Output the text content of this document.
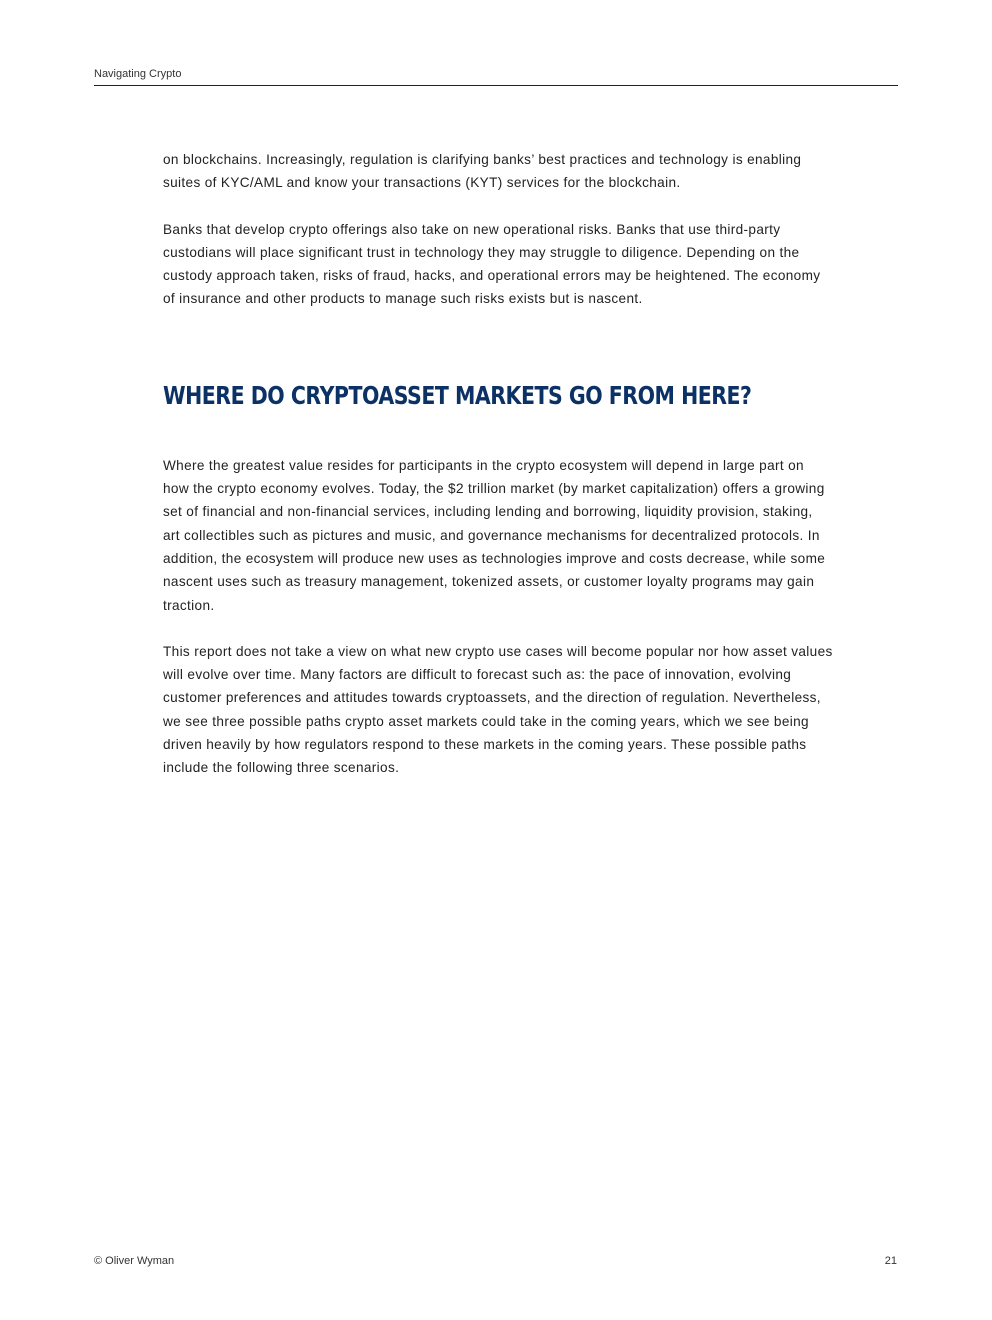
Navigating Crypto

on blockchains. Increasingly, regulation is clarifying banks’ best practices and technology is enabling suites of KYC/AML and know your transactions (KYT) services for the blockchain.

Banks that develop crypto offerings also take on new operational risks. Banks that use third-party custodians will place significant trust in technology they may struggle to diligence. Depending on the custody approach taken, risks of fraud, hacks, and operational errors may be heightened. The economy of insurance and other products to manage such risks exists but is nascent.

WHERE DO CRYPTOASSET MARKETS GO FROM HERE?

Where the greatest value resides for participants in the crypto ecosystem will depend in large part on how the crypto economy evolves. Today, the $2 trillion market (by market capitalization) offers a growing set of financial and non-financial services, including lending and borrowing, liquidity provision, staking, art collectibles such as pictures and music, and governance mechanisms for decentralized protocols. In addition, the ecosystem will produce new uses as technologies improve and costs decrease, while some nascent uses such as treasury management, tokenized assets, or customer loyalty programs may gain traction.

This report does not take a view on what new crypto use cases will become popular nor how asset values will evolve over time. Many factors are difficult to forecast such as: the pace of innovation, evolving customer preferences and attitudes towards cryptoassets, and the direction of regulation. Nevertheless, we see three possible paths crypto asset markets could take in the coming years, which we see being driven heavily by how regulators respond to these markets in the coming years. These possible paths include the following three scenarios.

© Oliver Wyman	21
